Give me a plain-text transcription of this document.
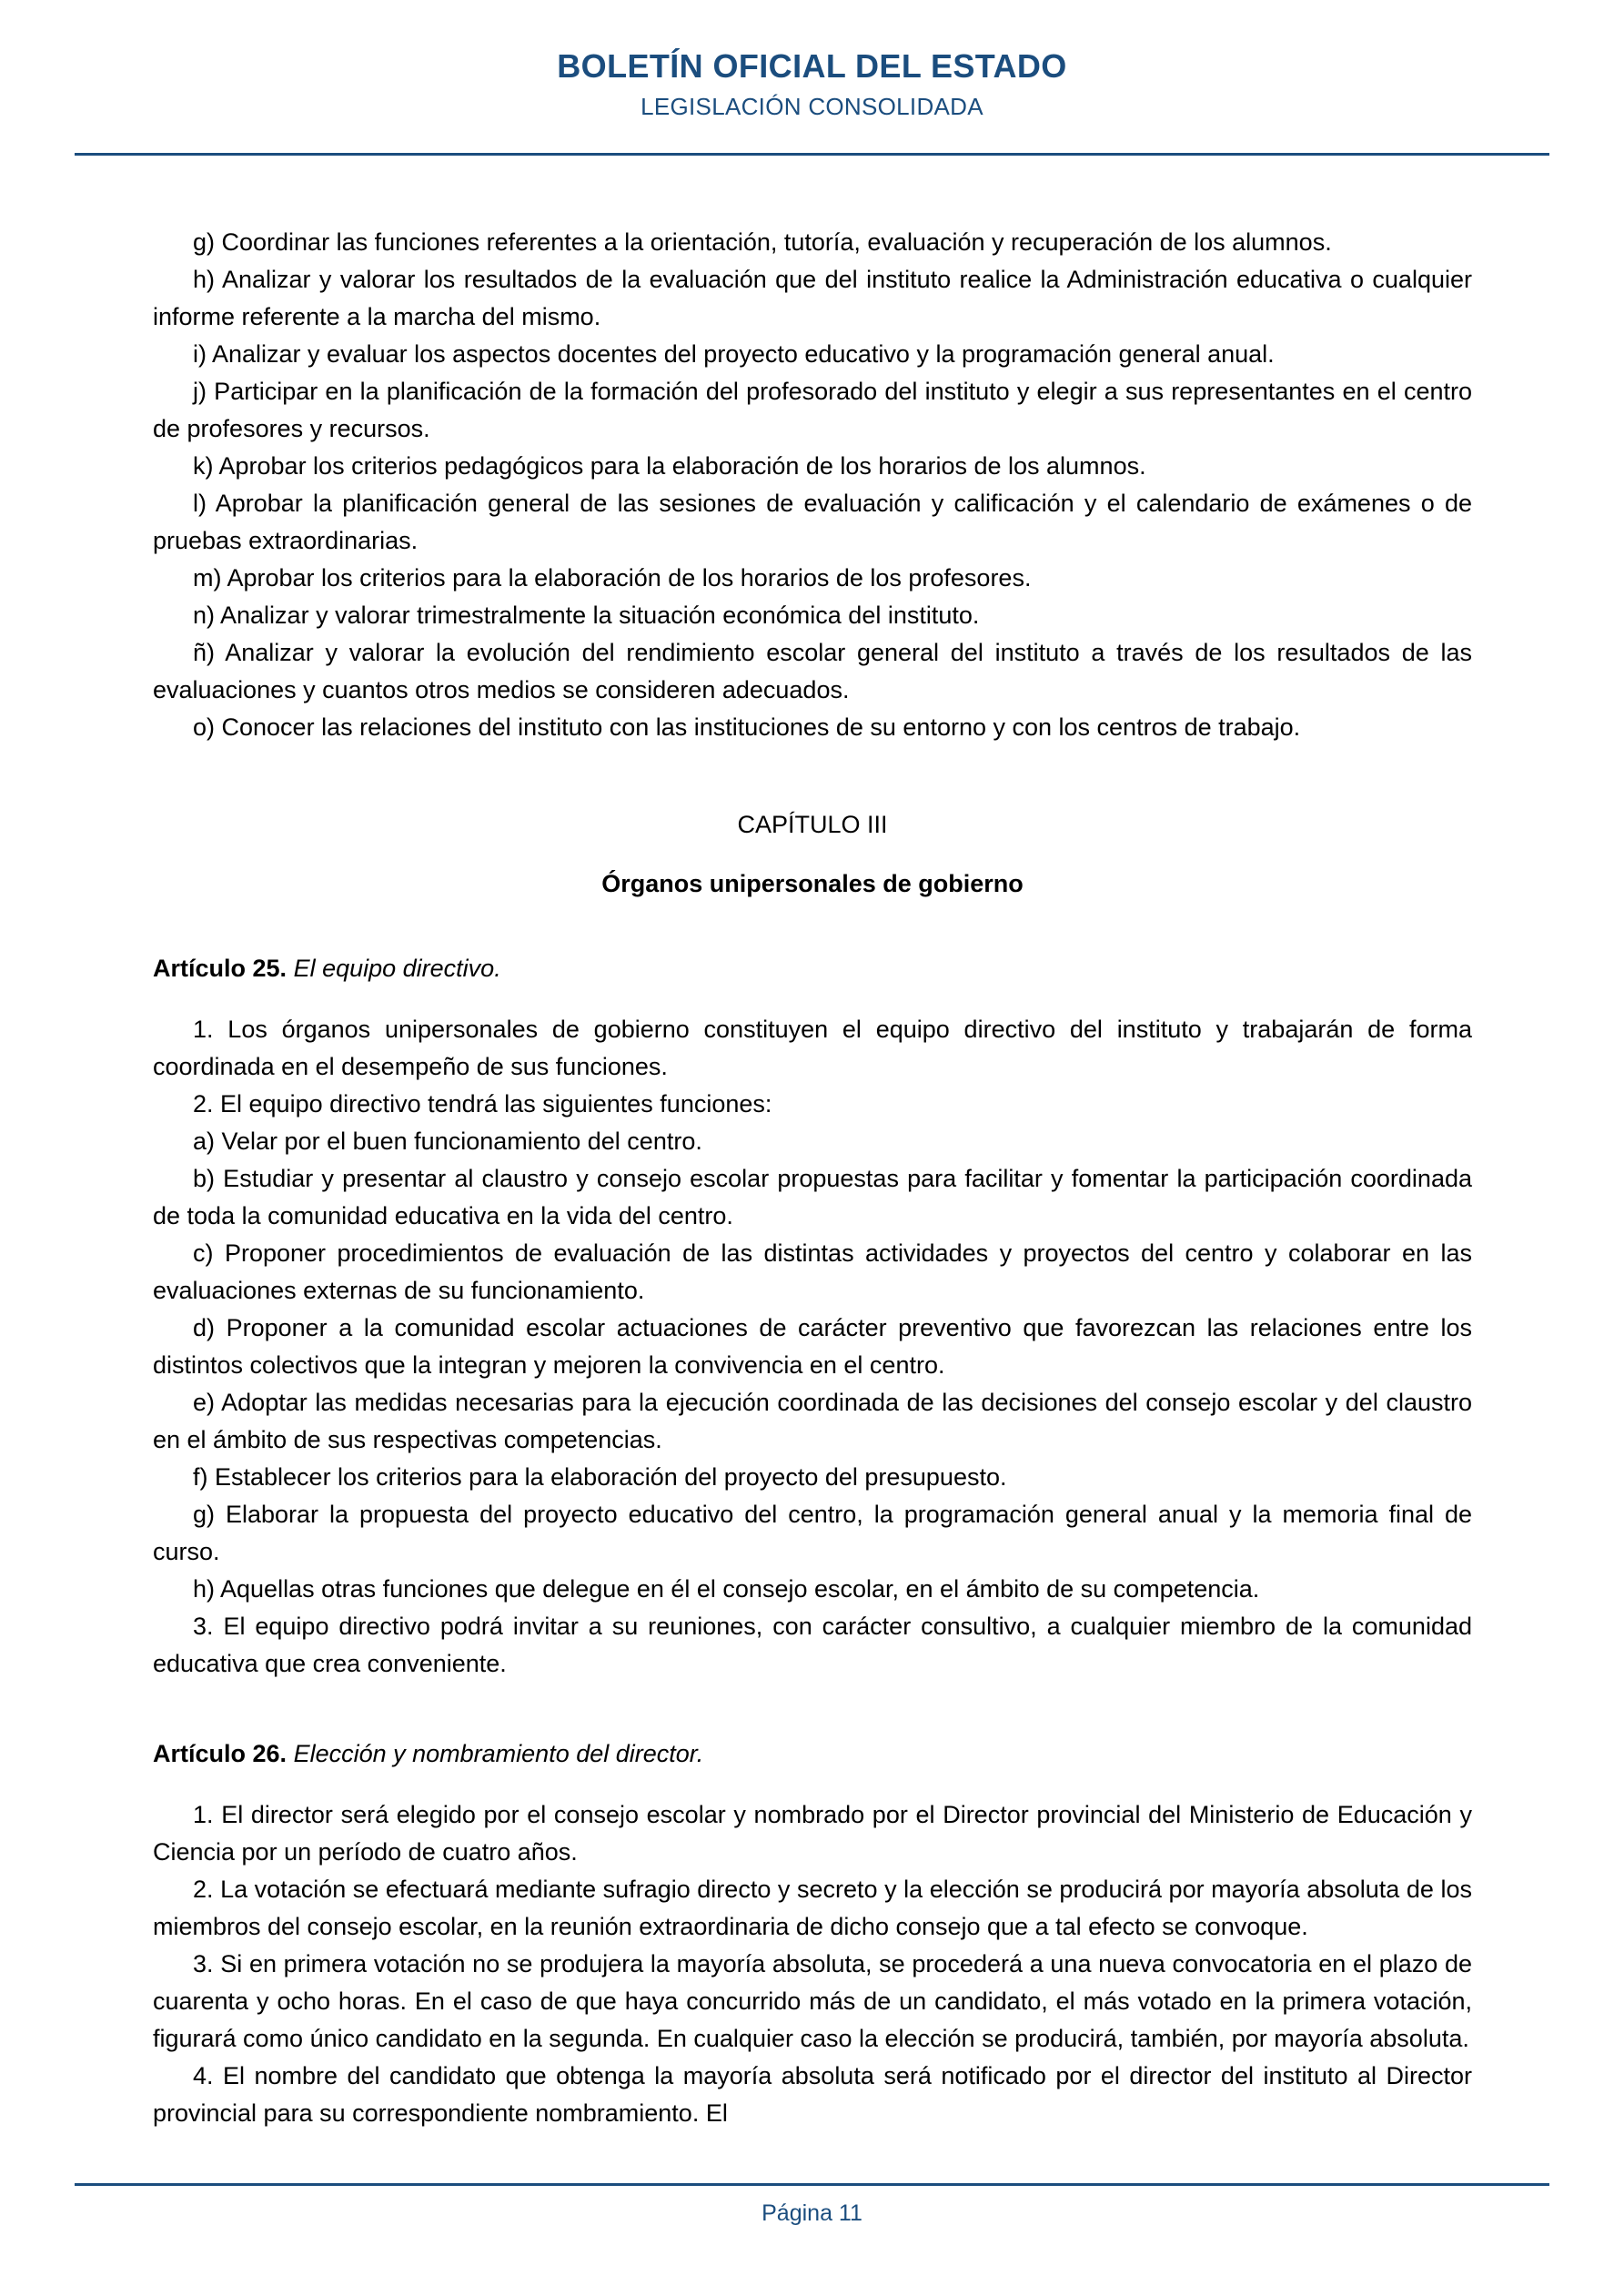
BOLETÍN OFICIAL DEL ESTADO
LEGISLACIÓN CONSOLIDADA

g) Coordinar las funciones referentes a la orientación, tutoría, evaluación y recuperación de los alumnos.

h) Analizar y valorar los resultados de la evaluación que del instituto realice la Administración educativa o cualquier informe referente a la marcha del mismo.

i) Analizar y evaluar los aspectos docentes del proyecto educativo y la programación general anual.

j) Participar en la planificación de la formación del profesorado del instituto y elegir a sus representantes en el centro de profesores y recursos.

k) Aprobar los criterios pedagógicos para la elaboración de los horarios de los alumnos.

l) Aprobar la planificación general de las sesiones de evaluación y calificación y el calendario de exámenes o de pruebas extraordinarias.

m) Aprobar los criterios para la elaboración de los horarios de los profesores.

n) Analizar y valorar trimestralmente la situación económica del instituto.

ñ) Analizar y valorar la evolución del rendimiento escolar general del instituto a través de los resultados de las evaluaciones y cuantos otros medios se consideren adecuados.

o) Conocer las relaciones del instituto con las instituciones de su entorno y con los centros de trabajo.

CAPÍTULO III
Órganos unipersonales de gobierno
Artículo 25. El equipo directivo.

1. Los órganos unipersonales de gobierno constituyen el equipo directivo del instituto y trabajarán de forma coordinada en el desempeño de sus funciones.

2. El equipo directivo tendrá las siguientes funciones:

a) Velar por el buen funcionamiento del centro.

b) Estudiar y presentar al claustro y consejo escolar propuestas para facilitar y fomentar la participación coordinada de toda la comunidad educativa en la vida del centro.

c) Proponer procedimientos de evaluación de las distintas actividades y proyectos del centro y colaborar en las evaluaciones externas de su funcionamiento.

d) Proponer a la comunidad escolar actuaciones de carácter preventivo que favorezcan las relaciones entre los distintos colectivos que la integran y mejoren la convivencia en el centro.

e) Adoptar las medidas necesarias para la ejecución coordinada de las decisiones del consejo escolar y del claustro en el ámbito de sus respectivas competencias.

f) Establecer los criterios para la elaboración del proyecto del presupuesto.

g) Elaborar la propuesta del proyecto educativo del centro, la programación general anual y la memoria final de curso.

h) Aquellas otras funciones que delegue en él el consejo escolar, en el ámbito de su competencia.

3. El equipo directivo podrá invitar a su reuniones, con carácter consultivo, a cualquier miembro de la comunidad educativa que crea conveniente.

Artículo 26. Elección y nombramiento del director.

1. El director será elegido por el consejo escolar y nombrado por el Director provincial del Ministerio de Educación y Ciencia por un período de cuatro años.

2. La votación se efectuará mediante sufragio directo y secreto y la elección se producirá por mayoría absoluta de los miembros del consejo escolar, en la reunión extraordinaria de dicho consejo que a tal efecto se convoque.

3. Si en primera votación no se produjera la mayoría absoluta, se procederá a una nueva convocatoria en el plazo de cuarenta y ocho horas. En el caso de que haya concurrido más de un candidato, el más votado en la primera votación, figurará como único candidato en la segunda. En cualquier caso la elección se producirá, también, por mayoría absoluta.

4. El nombre del candidato que obtenga la mayoría absoluta será notificado por el director del instituto al Director provincial para su correspondiente nombramiento. El

Página 11
